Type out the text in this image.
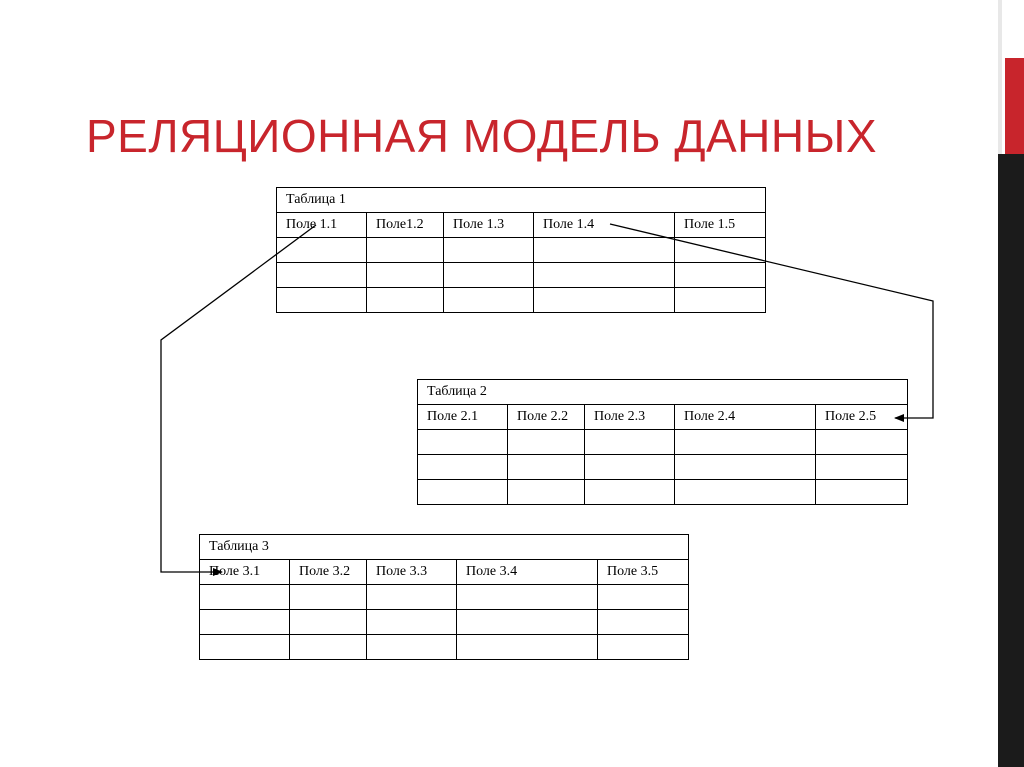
РЕЛЯЦИОННАЯ МОДЕЛЬ ДАННЫХ
Таблица 1				
Поле 1.1	Поле1.2	Поле 1.3	Поле 1.4	Поле 1.5

Таблица 2				
Поле 2.1	Поле 2.2	Поле 2.3	Поле 2.4	Поле 2.5

Таблица 3				
Поле 3.1	Поле 3.2	Поле 3.3	Поле 3.4	Поле 3.5
